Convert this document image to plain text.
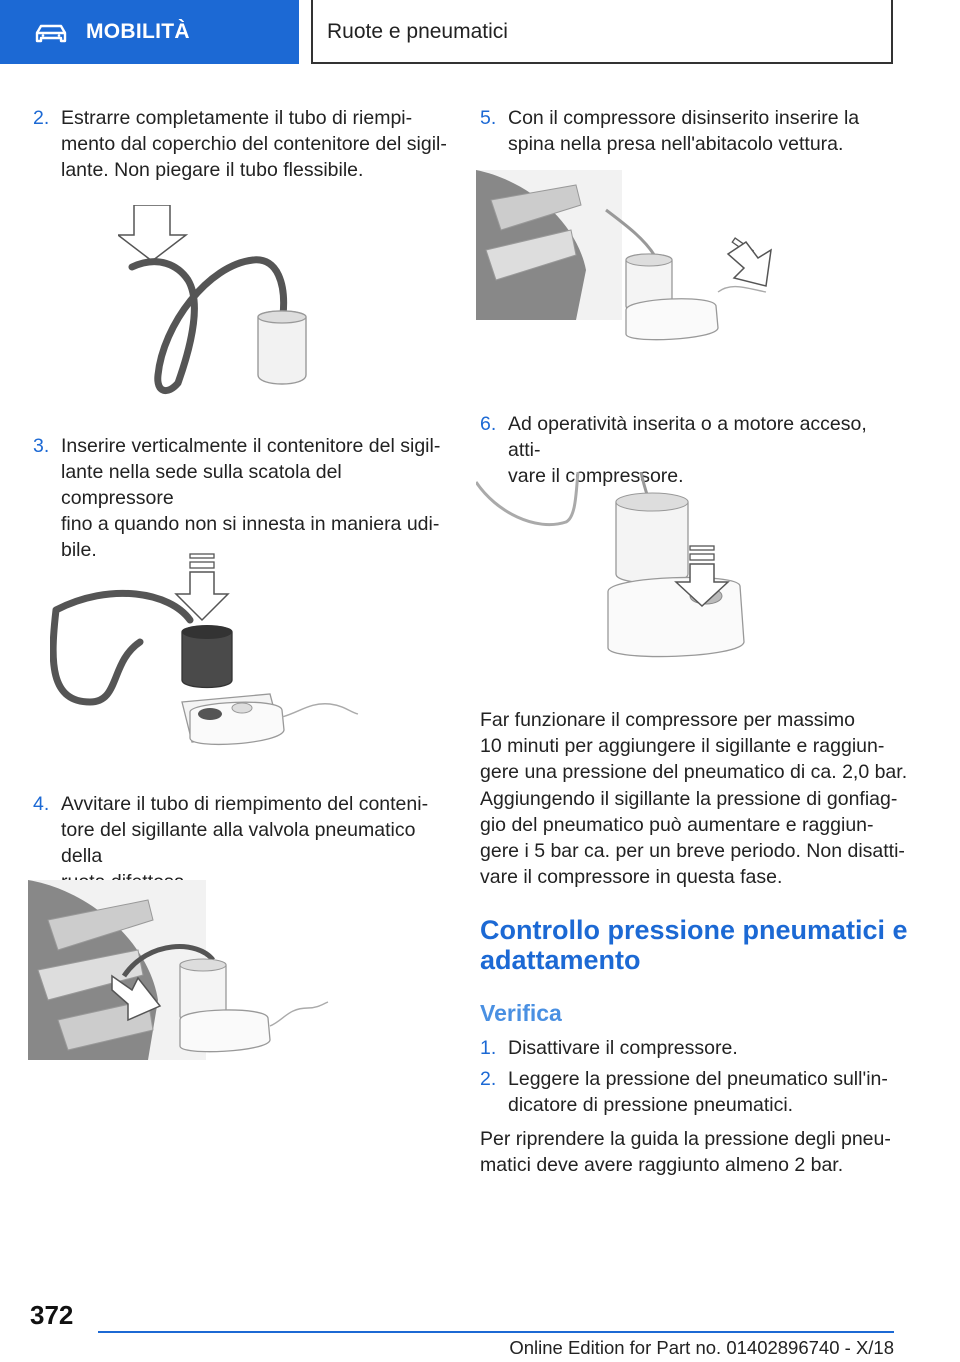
MOBILITÀ	Ruote e pneumatici
2. Estrarre completamente il tubo di riempi-
mento dal coperchio del contenitore del sigil-
lante. Non piegare il tubo flessibile.
3. Inserire verticalmente il contenitore del sigil-
lante nella sede sulla scatola del compressore
fino a quando non si innesta in maniera udi-
bile.
4. Avvitare il tubo di riempimento del conteni-
tore del sigillante alla valvola pneumatico della
5. Con il compressore disinserito inserire la
spina nella presa nell'abitacolo vettura.
6. Ad operatività inserita o a motore acceso, atti-
vare il compressore.
Far funzionare il compressore per massimo
10 minuti per aggiungere il sigillante e raggiun-
gere una pressione del pneumatico di ca. 2,0 bar.
Aggiungendo il sigillante la pressione di gonfiag-
gio del pneumatico può aumentare e raggiun-
gere i 5 bar ca. per un breve periodo. Non disatti-
vare il compressore in questa fase.
Controllo pressione pneumatici e
adattamento
Verifica
1. Disattivare il compressore.
2. Leggere la pressione del pneumatico sull'in-
dicatore di pressione pneumatici.
Per riprendere la guida la pressione degli pneu-
matici deve avere raggiunto almeno 2 bar.
372
Online Edition for Part no. 01402896740 - X/18
